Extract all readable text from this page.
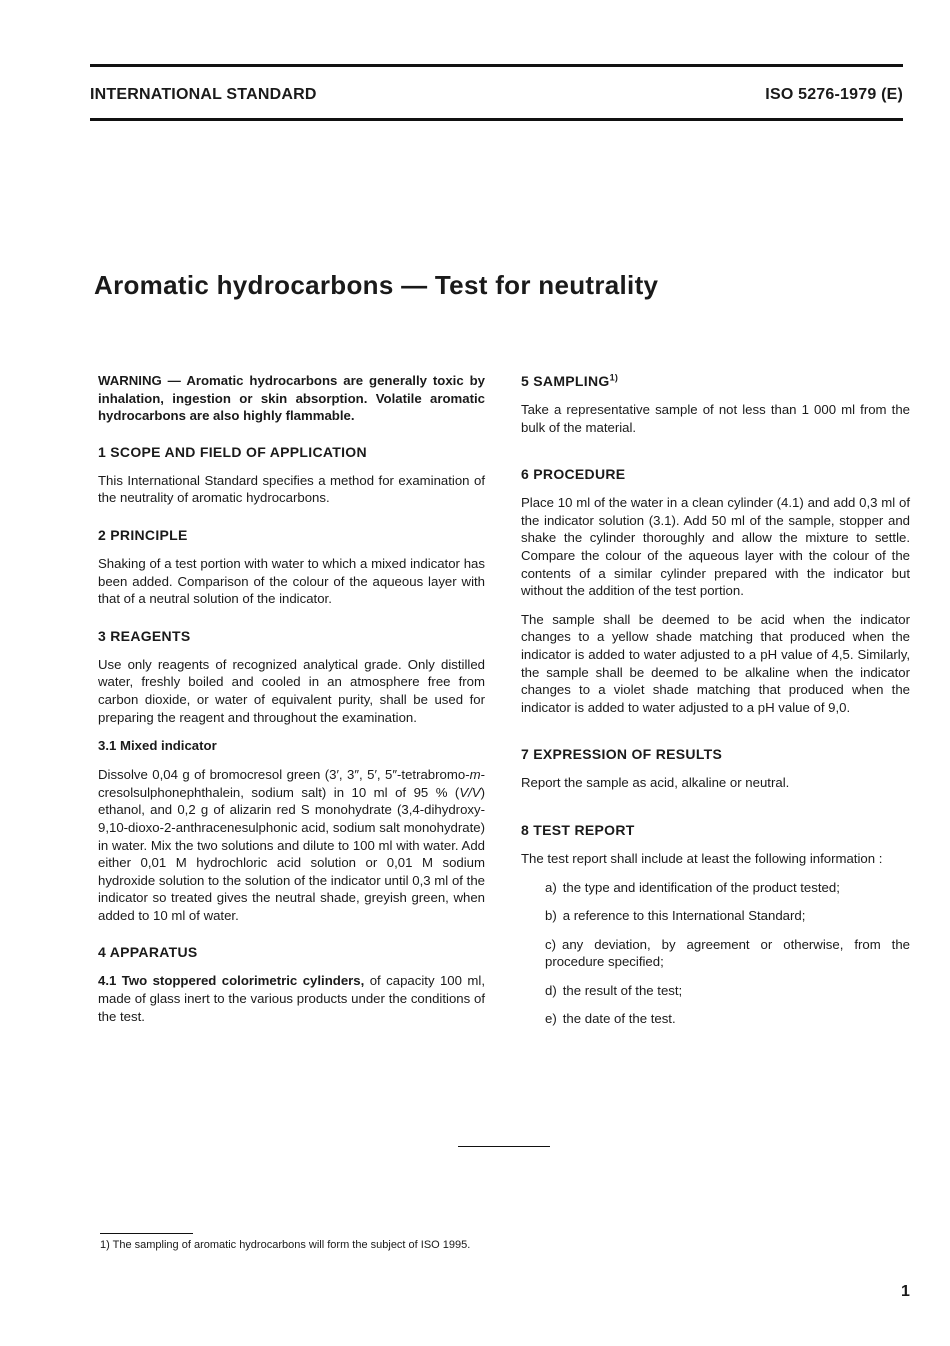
INTERNATIONAL STANDARD	ISO 5276-1979 (E)
Aromatic hydrocarbons — Test for neutrality

WARNING — Aromatic hydrocarbons are generally toxic by inhalation, ingestion or skin absorption. Volatile aromatic hydrocarbons are also highly flammable.

1 SCOPE AND FIELD OF APPLICATION

This International Standard specifies a method for examination of the neutrality of aromatic hydrocarbons.

2 PRINCIPLE

Shaking of a test portion with water to which a mixed indicator has been added. Comparison of the colour of the aqueous layer with that of a neutral solution of the indicator.

3 REAGENTS

Use only reagents of recognized analytical grade. Only distilled water, freshly boiled and cooled in an atmosphere free from carbon dioxide, or water of equivalent purity, shall be used for preparing the reagent and throughout the examination.

3.1 Mixed indicator

Dissolve 0,04 g of bromocresol green (3′, 3″, 5′, 5″-tetrabromo-m-cresolsulphonephthalein, sodium salt) in 10 ml of 95 % (V/V) ethanol, and 0,2 g of alizarin red S monohydrate (3,4-dihydroxy-9,10-dioxo-2-anthracenesulphonic acid, sodium salt monohydrate) in water. Mix the two solutions and dilute to 100 ml with water. Add either 0,01 M hydrochloric acid solution or 0,01 M sodium hydroxide solution to the solution of the indicator until 0,3 ml of the indicator so treated gives the neutral shade, greyish green, when added to 10 ml of water.

4 APPARATUS

4.1 Two stoppered colorimetric cylinders, of capacity 100 ml, made of glass inert to the various products under the conditions of the test.

5 SAMPLING$^{1)}$

Take a representative sample of not less than 1 000 ml from the bulk of the material.

6 PROCEDURE

Place 10 ml of the water in a clean cylinder (4.1) and add 0,3 ml of the indicator solution (3.1). Add 50 ml of the sample, stopper and shake the cylinder thoroughly and allow the mixture to settle. Compare the colour of the aqueous layer with the colour of the contents of a similar cylinder prepared with the indicator but without the addition of the test portion.

The sample shall be deemed to be acid when the indicator changes to a yellow shade matching that produced when the indicator is added to water adjusted to a pH value of 4,5. Similarly, the sample shall be deemed to be alkaline when the indicator changes to a violet shade matching that produced when the indicator is added to water adjusted to a pH value of 9,0.

7 EXPRESSION OF RESULTS

Report the sample as acid, alkaline or neutral.

8 TEST REPORT

The test report shall include at least the following information :

a) the type and identification of the product tested;
b) a reference to this International Standard;
c) any deviation, by agreement or otherwise, from the procedure specified;
d) the result of the test;
e) the date of the test.
1) The sampling of aromatic hydrocarbons will form the subject of ISO 1995.
1
